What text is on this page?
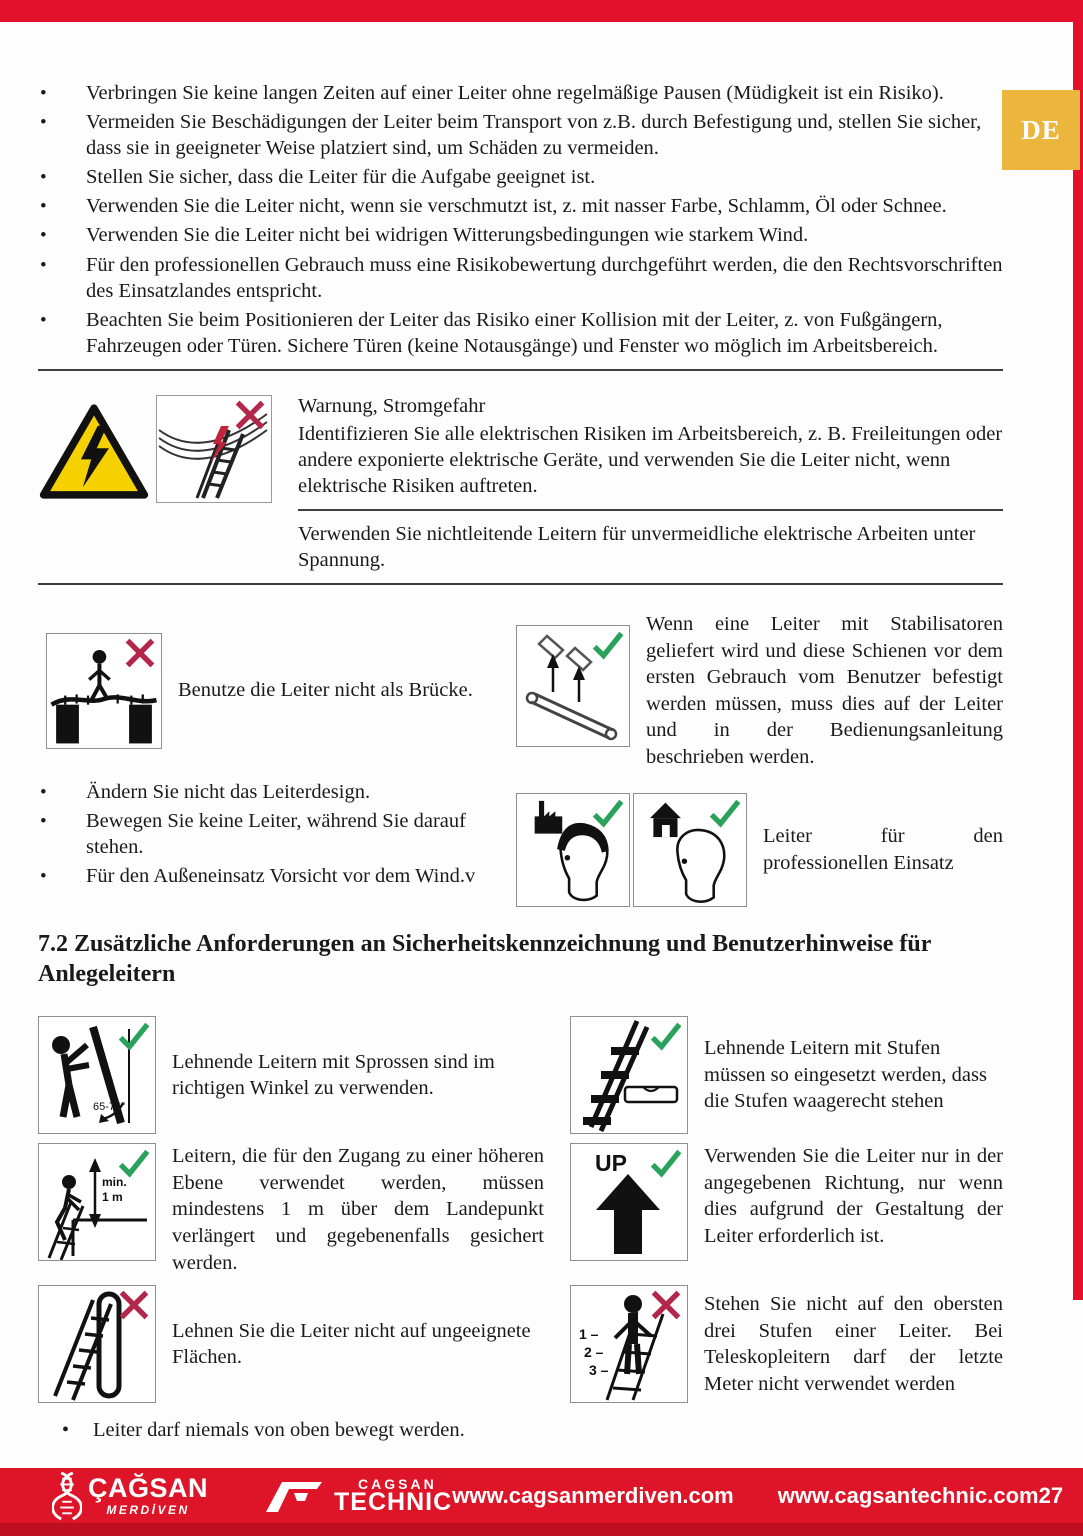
DE
•
Verbringen Sie keine langen Zeiten auf einer Leiter ohne regelmäßige Pausen (Müdigkeit ist ein Risiko).
•
Vermeiden Sie Beschädigungen der Leiter beim Transport von z.B. durch Befestigung und, stellen Sie sicher, dass sie in geeigneter Weise platziert sind, um Schäden zu vermeiden.
•
Stellen Sie sicher, dass die Leiter für die Aufgabe geeignet ist.
•
Verwenden Sie die Leiter nicht, wenn sie verschmutzt ist, z. mit nasser Farbe, Schlamm, Öl oder Schnee.
•
Verwenden Sie die Leiter nicht bei widrigen Witterungsbedingungen wie starkem Wind.
•
Für den professionellen Gebrauch muss eine Risikobewertung durchgeführt werden, die den Rechtsvorschriften des Einsatzlandes entspricht.
•
Beachten Sie beim Positionieren der Leiter das Risiko einer Kollision mit der Leiter, z. von Fußgängern, Fahrzeugen oder Türen. Sichere Türen (keine Notausgänge) und Fenster wo möglich im Arbeitsbereich.
Warnung, Stromgefahr
Identifizieren Sie alle elektrischen Risiken im Arbeitsbereich, z. B. Freileitungen oder andere exponierte elektrische Geräte, und verwenden Sie die Leiter nicht, wenn elektrische Risiken auftreten.
Verwenden Sie nichtleitende Leitern für unvermeidliche elektrische Arbeiten unter Spannung.
Benutze die Leiter nicht als Brücke.
Wenn eine Leiter mit Stabilisatoren geliefert wird und diese Schienen vor dem ersten Gebrauch vom Benutzer befestigt werden müssen, muss dies auf der Leiter und in der Bedienungsanleitung beschrieben werden.
•
Ändern Sie nicht das Leiterdesign.
•
Bewegen Sie keine Leiter, während Sie darauf stehen.
•
Für den Außeneinsatz Vorsicht vor dem Wind.v
Leiter für den professionellen Einsatz
7.2 Zusätzliche Anforderungen an Sicherheitskennzeichnung und Benutzerhinweise für Anlegeleitern
65-75°
Lehnende Leitern mit Sprossen sind im richtigen Winkel zu verwenden.
Lehnende Leitern mit Stufen müssen so eingesetzt werden, dass die Stufen waagerecht stehen
min.
1 m
Leitern, die für den Zugang zu einer höheren Ebene verwendet werden, müssen mindestens 1 m über dem Landepunkt verlängert und gegebenenfalls gesichert werden.
UP	Verwenden Sie die Leiter nur in der angegebenen Richtung, nur wenn dies aufgrund der Gestaltung der Leiter erforderlich ist.
Lehnen Sie die Leiter nicht auf ungeeignete Flächen.
1 –
2 –
3 –
Stehen Sie nicht auf den obersten drei Stufen einer Leiter. Bei Teleskopleitern darf der letzte Meter nicht verwendet werden
•
Leiter darf niemals von oben bewegt werden.
ÇAĞSAN
MERDİVEN
CAGSAN
TECHNIC www.cagsanmerdiven.com www.cagsantechnic.com 27
